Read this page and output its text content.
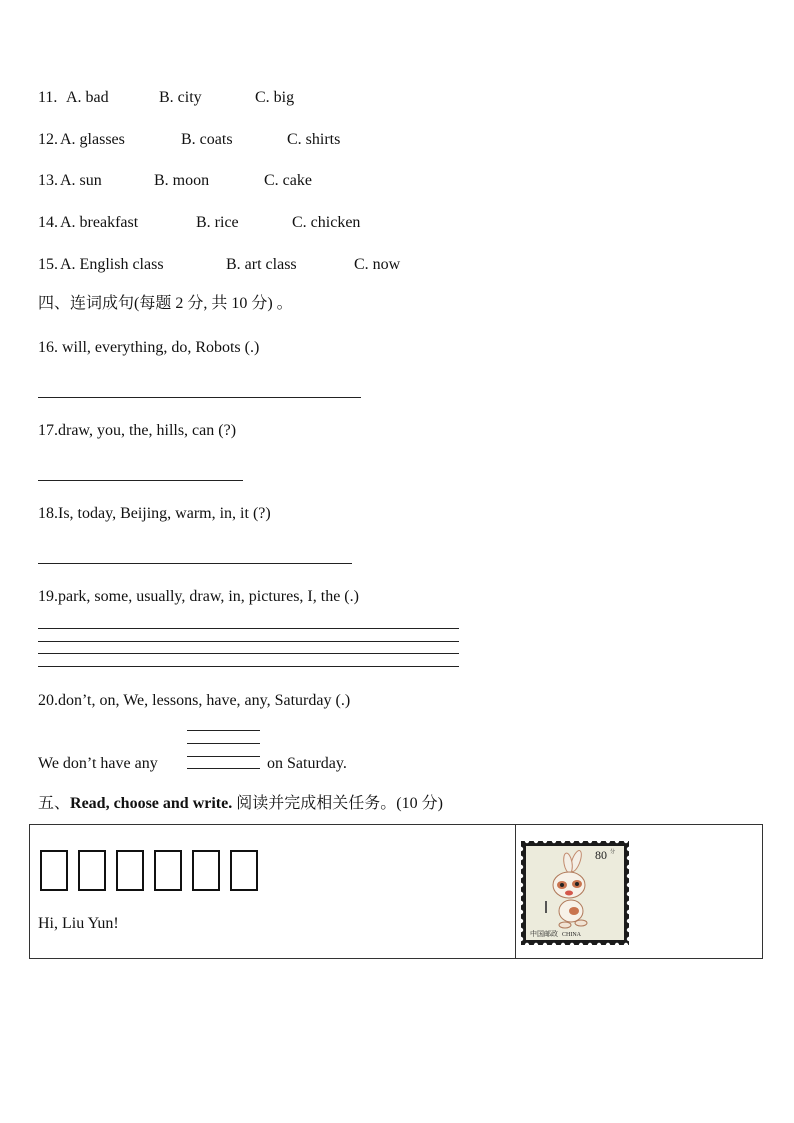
11. A. bad	B. city	C. big
12. A. glasses	B. coats	C. shirts
13. A. sun	B. moon	C. cake
14. A. breakfast	B. rice	C. chicken
15. A. English class	B. art class	C. now
四、连词成句(每题 2 分, 共 10 分) 。
16. will, everything, do, Robots (.)
17.draw, you, the, hills, can (?)
18.Is, today, Beijing, warm, in, it (?)
19.park, some, usually, draw, in, pictures, I, the (.)
20.don’t, on, We, lessons, have, any, Saturday (.)
We don’t have any	on Saturday.
五、Read, choose and write. 阅读并完成相关任务。(10 分)
Hi, Liu Yun!
80 分
中国邮政 CHINA
